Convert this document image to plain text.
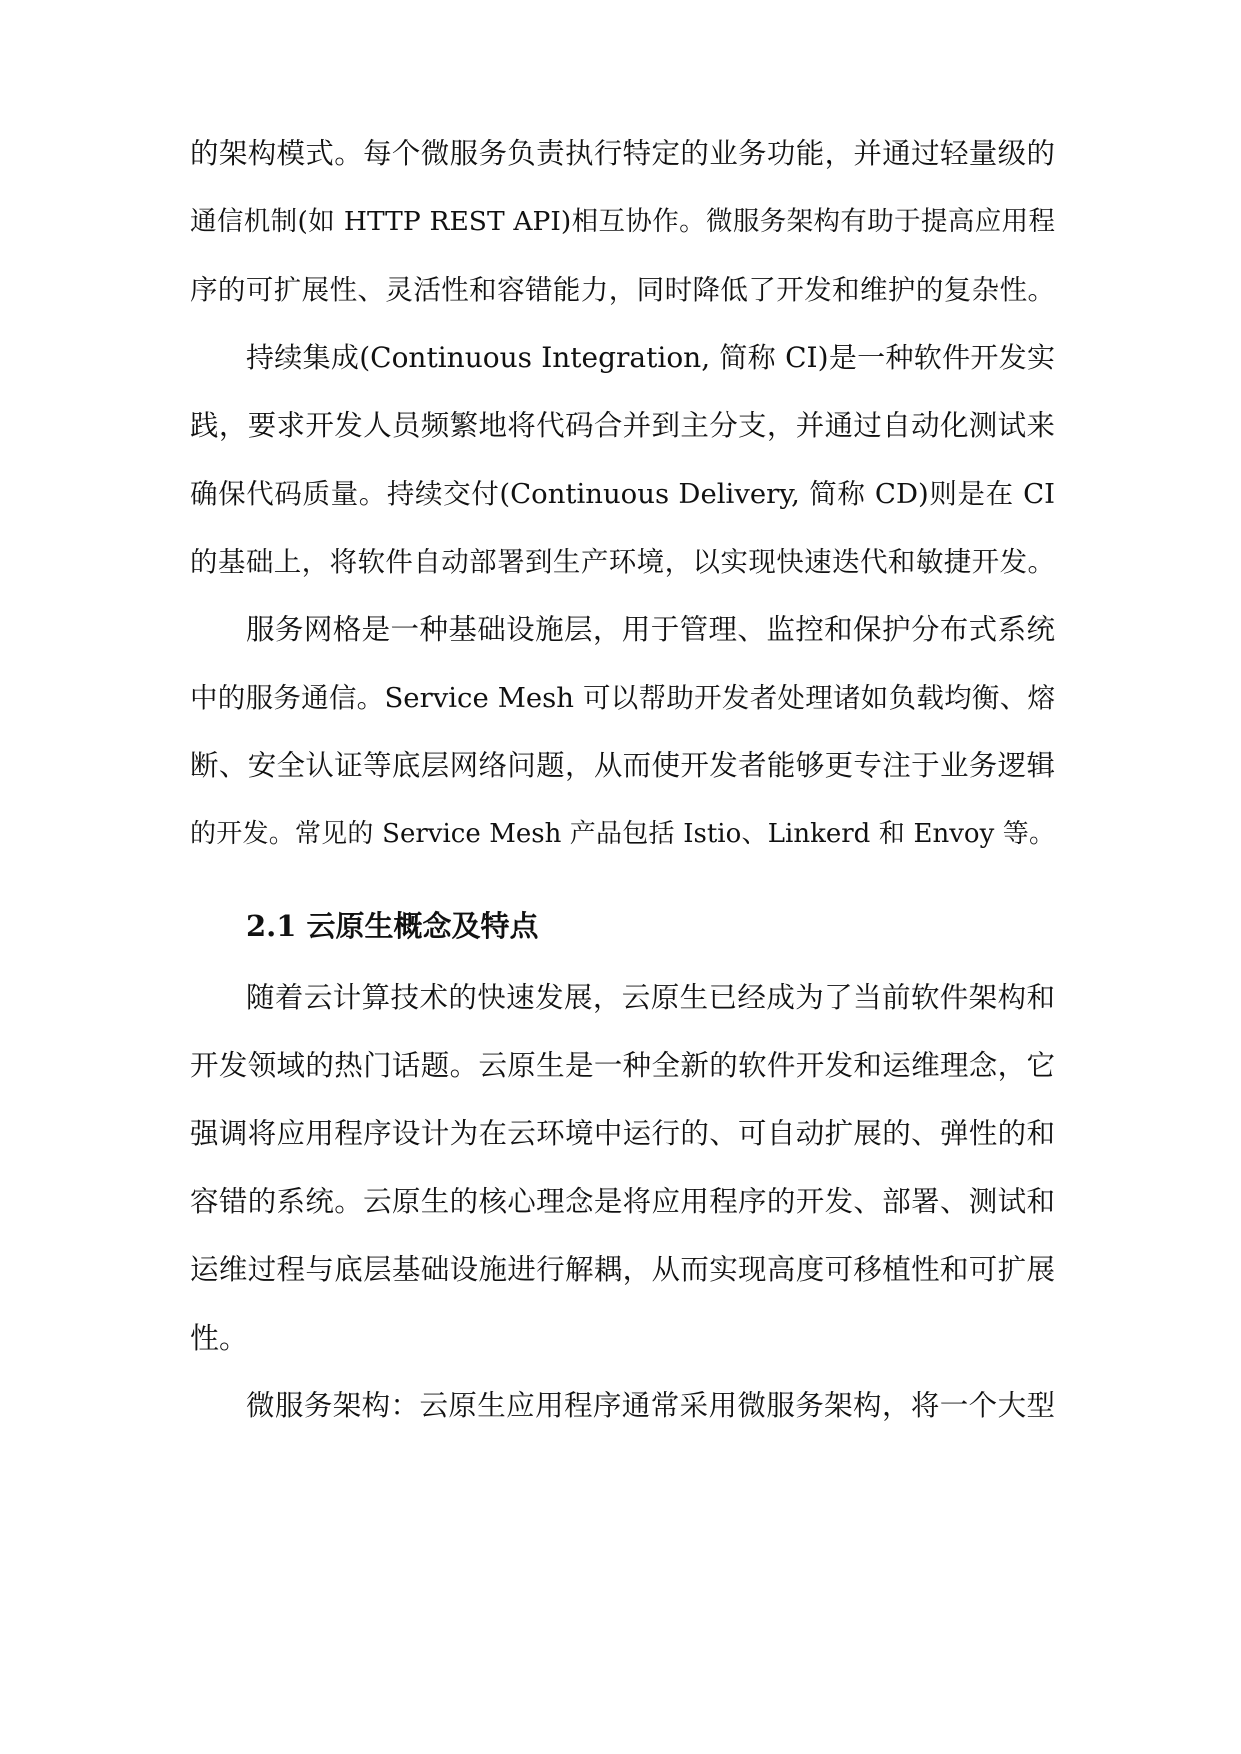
的架构模式。每个微服务负责执行特定的业务功能，并通过轻量级的
通信机制(如 HTTP REST API)相互协作。微服务架构有助于提高应用程
序的可扩展性、灵活性和容错能力，同时降低了开发和维护的复杂性。
持续集成(Continuous Integration, 简称 CI)是一种软件开发实
践，要求开发人员频繁地将代码合并到主分支，并通过自动化测试来
确保代码质量。持续交付(Continuous Delivery, 简称 CD)则是在 CI
的基础上，将软件自动部署到生产环境，以实现快速迭代和敏捷开发。
服务网格是一种基础设施层，用于管理、监控和保护分布式系统
中的服务通信。Service Mesh 可以帮助开发者处理诸如负载均衡、熔
断、安全认证等底层网络问题，从而使开发者能够更专注于业务逻辑
的开发。常见的 Service Mesh 产品包括 Istio、Linkerd 和 Envoy 等。
2.1 云原生概念及特点
随着云计算技术的快速发展，云原生已经成为了当前软件架构和
开发领域的热门话题。云原生是一种全新的软件开发和运维理念，它
强调将应用程序设计为在云环境中运行的、可自动扩展的、弹性的和
容错的系统。云原生的核心理念是将应用程序的开发、部署、测试和
运维过程与底层基础设施进行解耦，从而实现高度可移植性和可扩展
性。
微服务架构：云原生应用程序通常采用微服务架构，将一个大型
